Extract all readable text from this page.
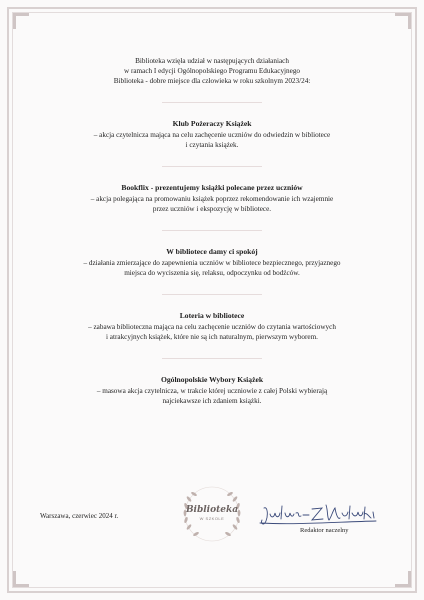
Biblioteka wzięła udział w następujących działaniach

w ramach I edycji Ogólnopolskiego Programu Edukacyjnego

Biblioteka - dobre miejsce dla człowieka w roku szkolnym 2023/24:

Klub Pożeraczy Książek

– akcja czytelnicza mająca na celu zachęcenie uczniów do odwiedzin w bibliotece

i czytania książek.

Bookflix - prezentujemy książki polecane przez uczniów

– akcja polegająca na promowaniu książek poprzez rekomendowanie ich wzajemnie

przez uczniów i ekspozycję w bibliotece.

W bibliotece damy ci spokój

– działania zmierzające do zapewnienia uczniów w bibliotece bezpiecznego, przyjaznego

miejsca do wyciszenia się, relaksu, odpoczynku od bodźców.

Loteria w bibliotece

– zabawa biblioteczna mająca na celu zachęcenie uczniów do czytania wartościowych

i atrakcyjnych książek, które nie są ich naturalnym, pierwszym wyborem.

Ogólnopolskie Wybory Książek

– masowa akcja czytelnicza, w trakcie której uczniowie z całej Polski wybierają

najciekawsze ich zdaniem książki.

Warszawa, czerwiec 2024 r.
Biblioteka
W SZKOLE
Redaktor naczelny
